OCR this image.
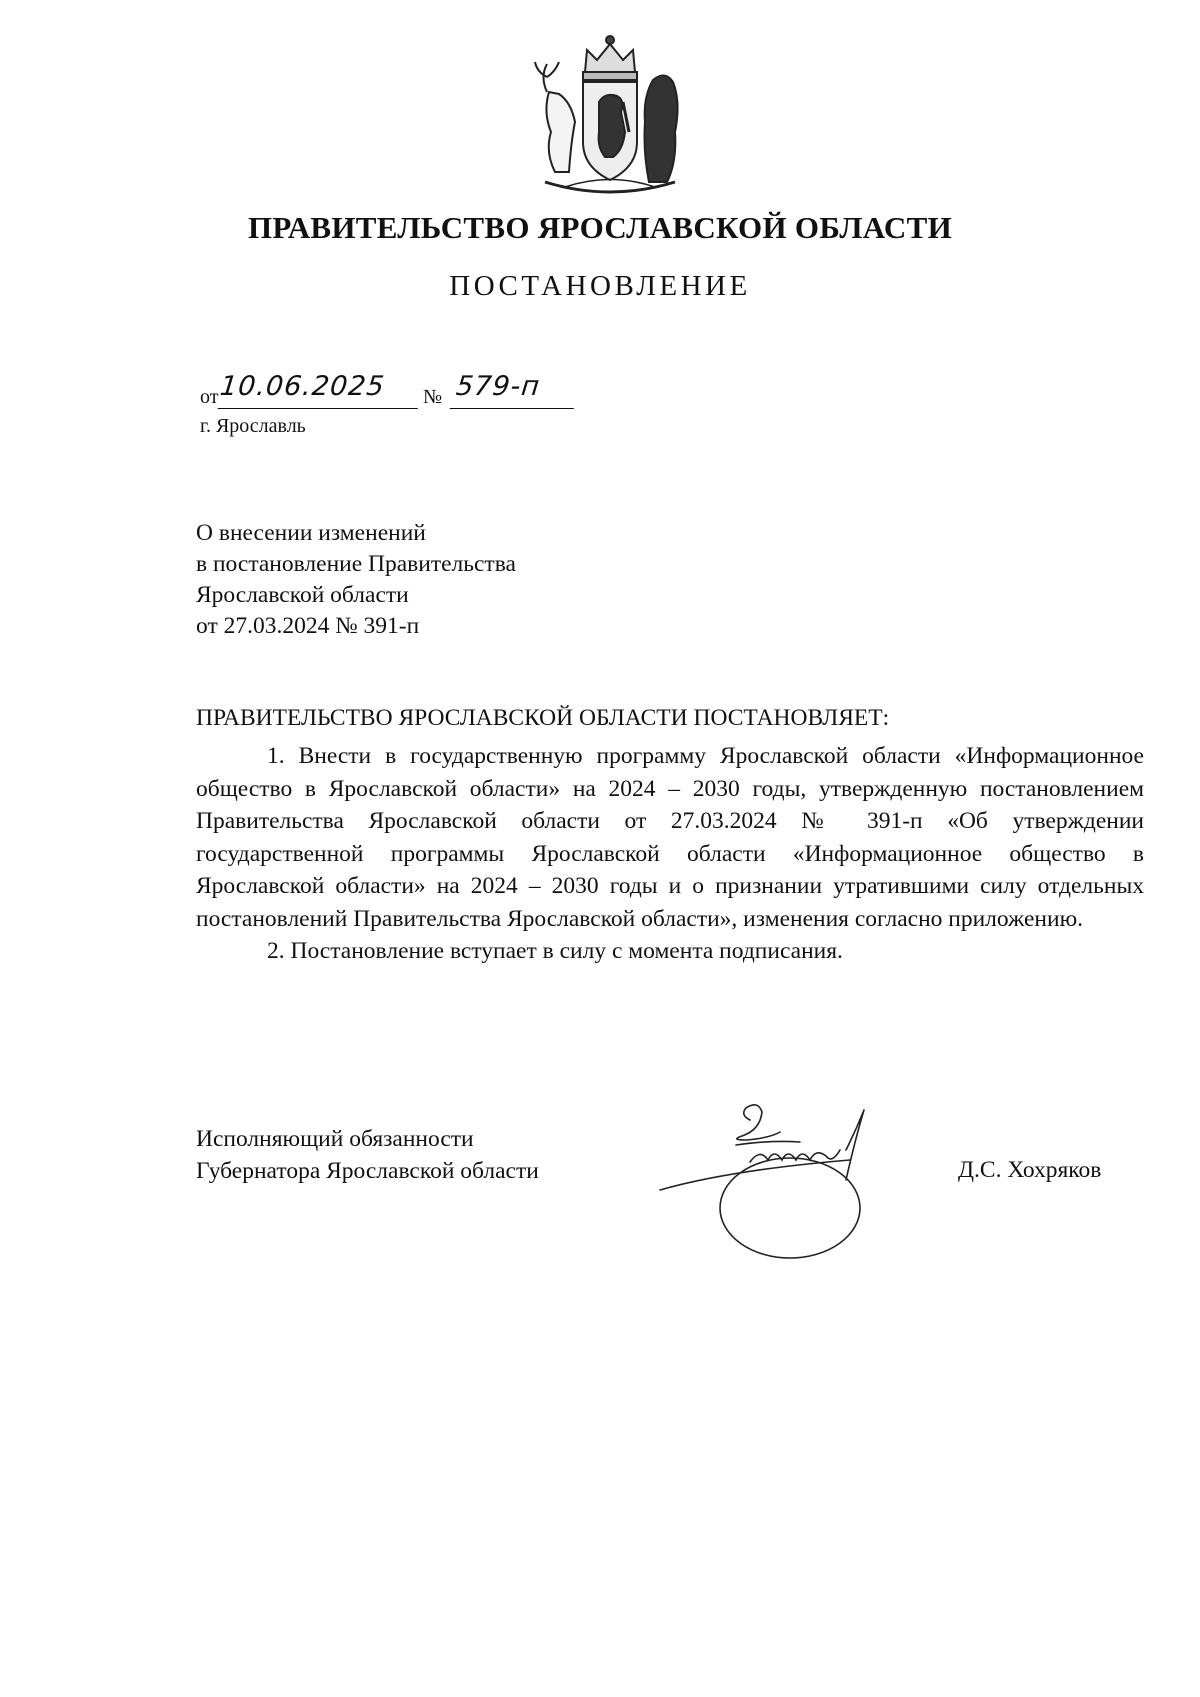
ПРАВИТЕЛЬСТВО ЯРОСЛАВСКОЙ ОБЛАСТИ
ПОСТАНОВЛЕНИЕ
от 10.06.2025	№ 579-п
г. Ярославль
О внесении изменений
в постановление Правительства
Ярославской области
от 27.03.2024 № 391-п
ПРАВИТЕЛЬСТВО ЯРОСЛАВСКОЙ ОБЛАСТИ ПОСТАНОВЛЯЕТ:

1. Внести в государственную программу Ярославской области «Информационное общество в Ярославской области» на 2024 – 2030 годы, утвержденную постановлением Правительства Ярославской области от 27.03.2024 № 391-п «Об утверждении государственной программы Ярославской области «Информационное общество в Ярославской области» на 2024 – 2030 годы и о признании утратившими силу отдельных постановлений Правительства Ярославской области», изменения согласно приложению.

2. Постановление вступает в силу с момента подписания.

Исполняющий обязанности
Губернатора Ярославской области	Д.С. Хохряков
